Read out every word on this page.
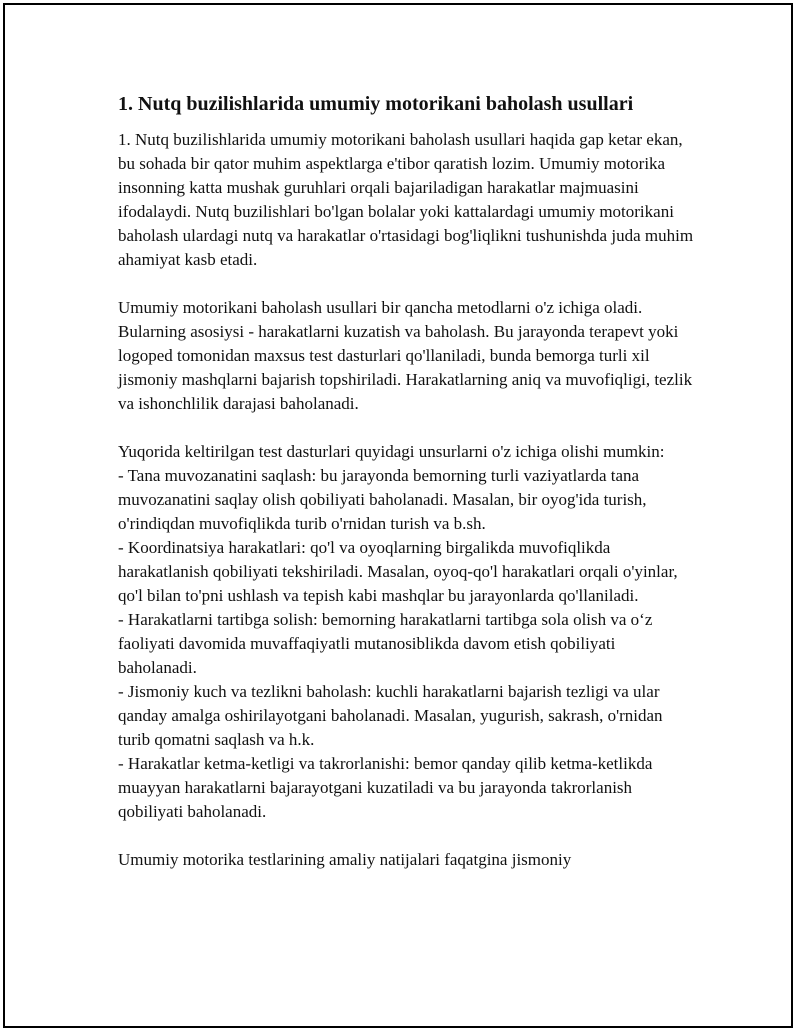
1. Nutq buzilishlarida umumiy motorikani baholash usullari

1. Nutq buzilishlarida umumiy motorikani baholash usullari haqida gap ketar ekan, bu sohada bir qator muhim aspektlarga e'tibor qaratish lozim. Umumiy motorika insonning katta mushak guruhlari orqali bajariladigan harakatlar majmuasini ifodalaydi. Nutq buzilishlari bo'lgan bolalar yoki kattalardagi umumiy motorikani baholash ulardagi nutq va harakatlar o'rtasidagi bog'liqlikni tushunishda juda muhim ahamiyat kasb etadi.

Umumiy motorikani baholash usullari bir qancha metodlarni o'z ichiga oladi. Bularning asosiysi - harakatlarni kuzatish va baholash. Bu jarayonda terapevt yoki logoped tomonidan maxsus test dasturlari qo'llaniladi, bunda bemorga turli xil jismoniy mashqlarni bajarish topshiriladi. Harakatlarning aniq va muvofiqligi, tezlik va ishonchlilik darajasi baholanadi.

Yuqorida keltirilgan test dasturlari quyidagi unsurlarni o'z ichiga olishi mumkin:
- Tana muvozanatini saqlash: bu jarayonda bemorning turli vaziyatlarda tana muvozanatini saqlay olish qobiliyati baholanadi. Masalan, bir oyog'ida turish, o'rindiqdan muvofiqlikda turib o'rnidan turish va b.sh.
- Koordinatsiya harakatlari: qo'l va oyoqlarning birgalikda muvofiqlikda harakatlanish qobiliyati tekshiriladi. Masalan, oyoq-qo'l harakatlari orqali o'yinlar, qo'l bilan to'pni ushlash va tepish kabi mashqlar bu jarayonlarda qo'llaniladi.
- Harakatlarni tartibga solish: bemorning harakatlarni tartibga sola olish va o‘z faoliyati davomida muvaffaqiyatli mutanosiblikda davom etish qobiliyati baholanadi.
- Jismoniy kuch va tezlikni baholash: kuchli harakatlarni bajarish tezligi va ular qanday amalga oshirilayotgani baholanadi. Masalan, yugurish, sakrash, o'rnidan turib qomatni saqlash va h.k.
- Harakatlar ketma-ketligi va takrorlanishi: bemor qanday qilib ketma-ketlikda muayyan harakatlarni bajarayotgani kuzatiladi va bu jarayonda takrorlanish qobiliyati baholanadi.

Umumiy motorika testlarining amaliy natijalari faqatgina jismoniy
